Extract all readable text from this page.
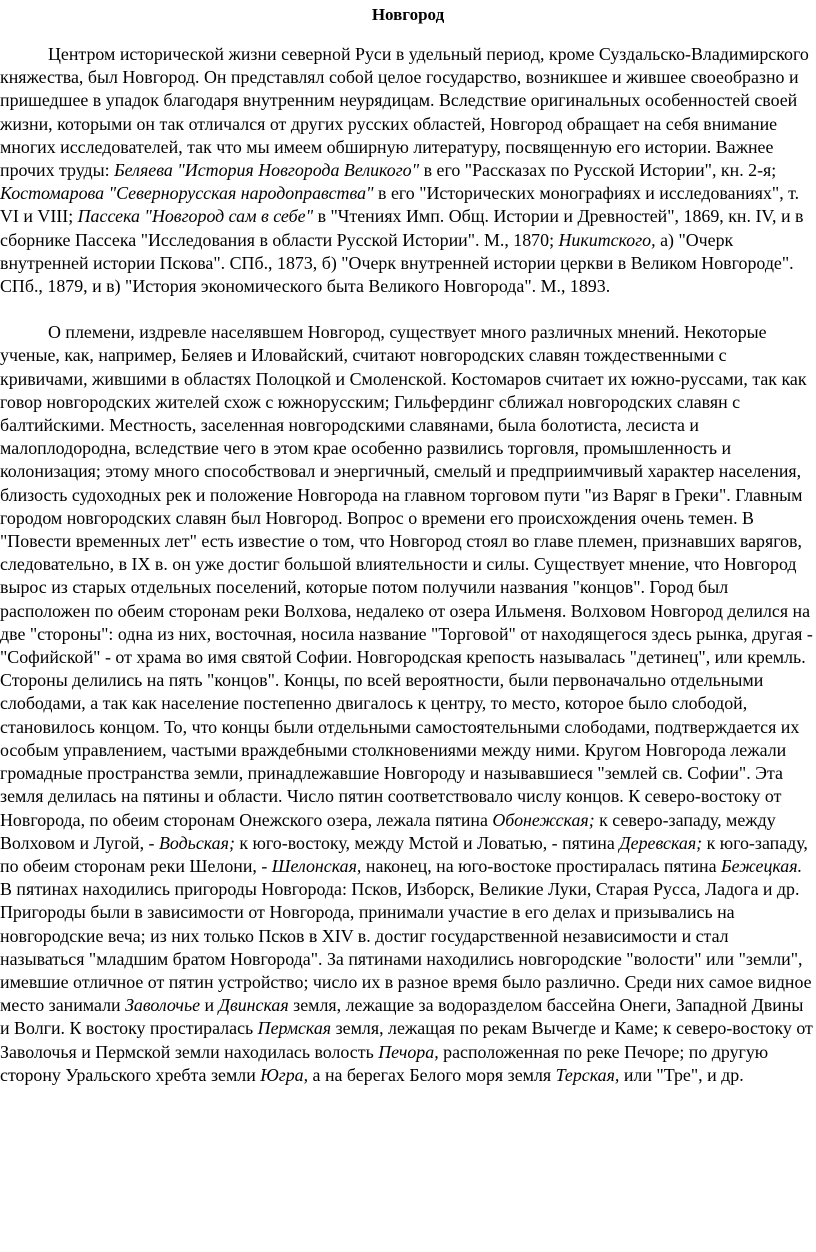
Новгород

Центром исторической жизни северной Руси в удельный период, кроме Суздальско-Владимирского княжества, был Новгород. Он представлял собой целое государство, возникшее и жившее своеобразно и пришедшее в упадок благодаря внутренним неурядицам. Вследствие оригинальных особенностей своей жизни, которыми он так отличался от других русских областей, Новгород обращает на себя внимание многих исследователей, так что мы имеем обширную литературу, посвященную его истории. Важнее прочих труды: Беляева "История Новгорода Великого" в его "Рассказах по Русской Истории", кн. 2-я; Костомарова "Севернорусская народоправства" в его "Исторических монографиях и исследованиях", т. VI и VIII; Пассека "Новгород сам в себе" в "Чтениях Имп. Общ. Истории и Древностей", 1869, кн. IV, и в сборнике Пассека "Исследования в области Русской Истории". М., 1870; Никитского, а) "Очерк внутренней истории Пскова". СПб., 1873, б) "Очерк внутренней истории церкви в Великом Новгороде". СПб., 1879, и в) "История экономического быта Великого Новгорода". М., 1893.

О племени, издревле населявшем Новгород, существует много различных мнений. Некоторые ученые, как, например, Беляев и Иловайский, считают новгородских славян тождественными с кривичами, жившими в областях Полоцкой и Смоленской. Костомаров считает их южно-руссами, так как говор новгородских жителей схож с южнорусским; Гильфердинг сближал новгородских славян с балтийскими. Местность, заселенная новгородскими славянами, была болотиста, лесиста и малоплодородна, вследствие чего в этом крае особенно развились торговля, промышленность и колонизация; этому много способствовал и энергичный, смелый и предприимчивый характер населения, близость судоходных рек и положение Новгорода на главном торговом пути "из Варяг в Греки". Главным городом новгородских славян был Новгород. Вопрос о времени его происхождения очень темен. В "Повести временных лет" есть известие о том, что Новгород стоял во главе племен, признавших варягов, следовательно, в IX в. он уже достиг большой влиятельности и силы. Существует мнение, что Новгород вырос из старых отдельных поселений, которые потом получили названия "концов". Город был расположен по обеим сторонам реки Волхова, недалеко от озера Ильменя. Волховом Новгород делился на две "стороны": одна из них, восточная, носила название "Торговой" от находящегося здесь рынка, другая - "Софийской" - от храма во имя святой Софии. Новгородская крепость называлась "детинец", или кремль. Стороны делились на пять "концов". Концы, по всей вероятности, были первоначально отдельными слободами, а так как население постепенно двигалось к центру, то место, которое было слободой, становилось концом. То, что концы были отдельными самостоятельными слободами, подтверждается их особым управлением, частыми враждебными столкновениями между ними. Кругом Новгорода лежали громадные пространства земли, принадлежавшие Новгороду и называвшиеся "землей св. Софии". Эта земля делилась на пятины и области. Число пятин соответствовало числу концов. К северо-востоку от Новгорода, по обеим сторонам Онежского озера, лежала пятина Обонежская; к северо-западу, между Волховом и Лугой, - Водьская; к юго-востоку, между Мстой и Ловатью, - пятина Деревская; к юго-западу, по обеим сторонам реки Шелони, - Шелонская, наконец, на юго-востоке простиралась пятина Бежецкая. В пятинах находились пригороды Новгорода: Псков, Изборск, Великие Луки, Старая Русса, Ладога и др. Пригороды были в зависимости от Новгорода, принимали участие в его делах и призывались на новгородские веча; из них только Псков в XIV в. достиг государственной независимости и стал называться "младшим братом Новгорода". За пятинами находились новгородские "волости" или "земли", имевшие отличное от пятин устройство; число их в разное время было различно. Среди них самое видное место занимали Заволочье и Двинская земля, лежащие за водоразделом бассейна Онеги, Западной Двины и Волги. К востоку простиралась Пермская земля, лежащая по рекам Вычегде и Каме; к северо-востоку от Заволочья и Пермской земли находилась волость Печора, расположенная по реке Печоре; по другую сторону Уральского хребта земли Югра, а на берегах Белого моря земля Терская, или "Тре", и др.
